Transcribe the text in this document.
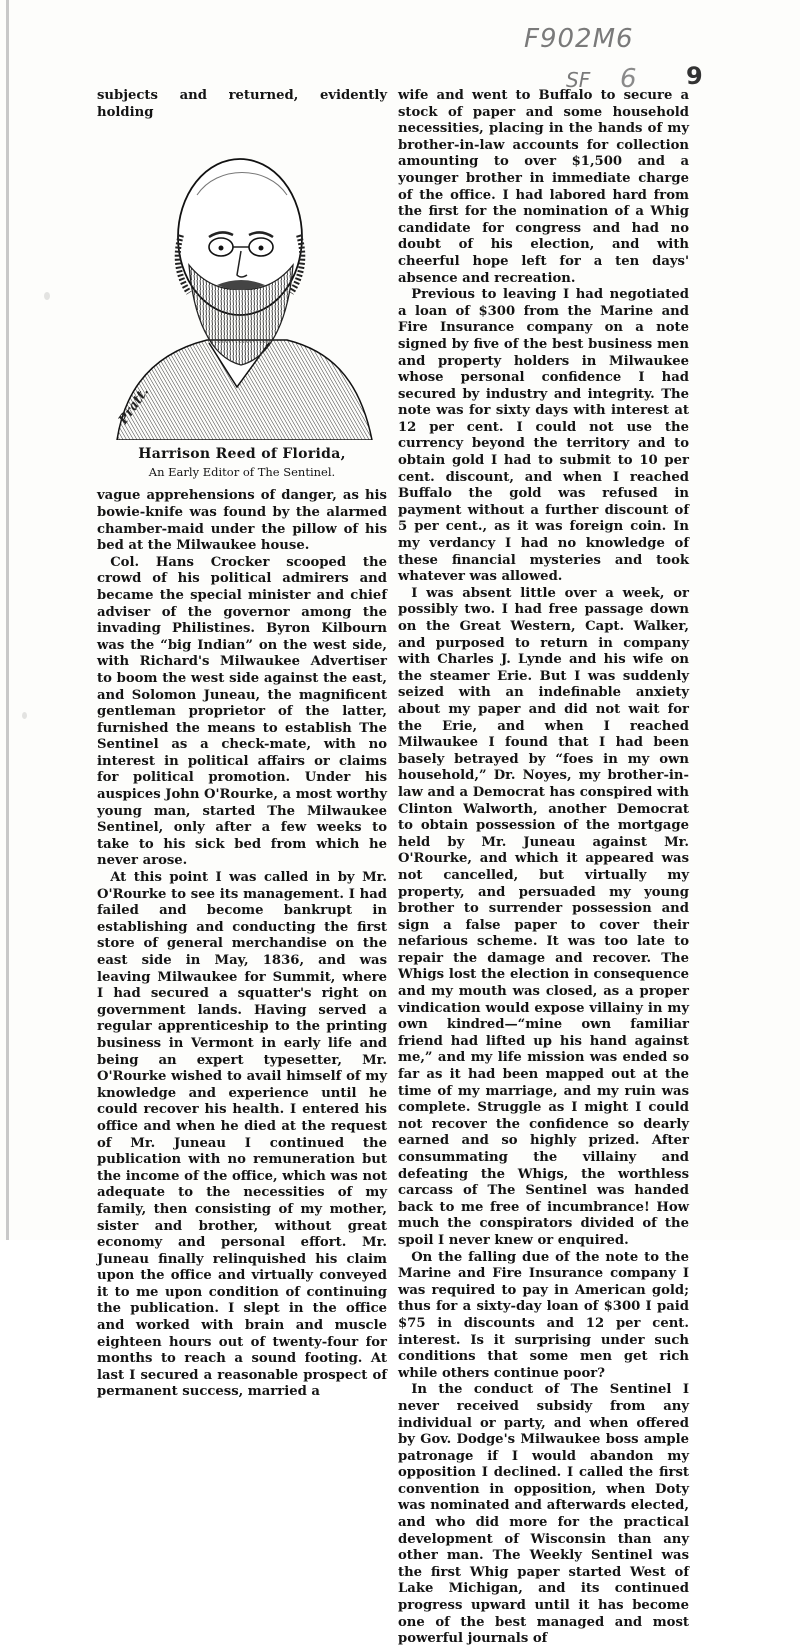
F902M6
SF 6 9

subjects and returned, evidently holding

Pratt.
Harrison Reed of Florida,
An Early Editor of The Sentinel.

vague apprehensions of danger, as his bowie-knife was found by the alarmed chamber-maid under the pillow of his bed at the Milwaukee house.

Col. Hans Crocker scooped the crowd of his political admirers and became the special minister and chief adviser of the governor among the invading Philistines. Byron Kilbourn was the “big Indian” on the west side, with Richard's Milwaukee Advertiser to boom the west side against the east, and Solomon Juneau, the magnificent gentleman proprietor of the latter, furnished the means to establish The Sentinel as a check-mate, with no interest in political affairs or claims for political promotion. Under his auspices John O'Rourke, a most worthy young man, started The Milwaukee Sentinel, only after a few weeks to take to his sick bed from which he never arose.

At this point I was called in by Mr. O'Rourke to see its management. I had failed and become bankrupt in establishing and conducting the first store of general merchandise on the east side in May, 1836, and was leaving Milwaukee for Summit, where I had secured a squatter's right on government lands. Having served a regular apprenticeship to the printing business in Vermont in early life and being an expert typesetter, Mr. O'Rourke wished to avail himself of my knowledge and experience until he could recover his health. I entered his office and when he died at the request of Mr. Juneau I continued the publication with no remuneration but the income of the office, which was not adequate to the necessities of my family, then consisting of my mother, sister and brother, without great economy and personal effort. Mr. Juneau finally relinquished his claim upon the office and virtually conveyed it to me upon condition of continuing the publication. I slept in the office and worked with brain and muscle eighteen hours out of twenty-four for months to reach a sound footing. At last I secured a reasonable prospect of permanent success, married a

wife and went to Buffalo to secure a stock of paper and some household necessities, placing in the hands of my brother-in-law accounts for collection amounting to over $1,500 and a younger brother in immediate charge of the office. I had labored hard from the first for the nomination of a Whig candidate for congress and had no doubt of his election, and with cheerful hope left for a ten days' absence and recreation.

Previous to leaving I had negotiated a loan of $300 from the Marine and Fire Insurance company on a note signed by five of the best business men and property holders in Milwaukee whose personal confidence I had secured by industry and integrity. The note was for sixty days with interest at 12 per cent. I could not use the currency beyond the territory and to obtain gold I had to submit to 10 per cent. discount, and when I reached Buffalo the gold was refused in payment without a further discount of 5 per cent., as it was foreign coin. In my verdancy I had no knowledge of these financial mysteries and took whatever was allowed.

I was absent little over a week, or possibly two. I had free passage down on the Great Western, Capt. Walker, and purposed to return in company with Charles J. Lynde and his wife on the steamer Erie. But I was suddenly seized with an indefinable anxiety about my paper and did not wait for the Erie, and when I reached Milwaukee I found that I had been basely betrayed by “foes in my own household,” Dr. Noyes, my brother-in-law and a Democrat has conspired with Clinton Walworth, another Democrat to obtain possession of the mortgage held by Mr. Juneau against Mr. O'Rourke, and which it appeared was not cancelled, but virtually my property, and persuaded my young brother to surrender possession and sign a false paper to cover their nefarious scheme. It was too late to repair the damage and recover. The Whigs lost the election in consequence and my mouth was closed, as a proper vindication would expose villainy in my own kindred—“mine own familiar friend had lifted up his hand against me,” and my life mission was ended so far as it had been mapped out at the time of my marriage, and my ruin was complete. Struggle as I might I could not recover the confidence so dearly earned and so highly prized. After consummating the villainy and defeating the Whigs, the worthless carcass of The Sentinel was handed back to me free of incumbrance! How much the conspirators divided of the spoil I never knew or enquired.

On the falling due of the note to the Marine and Fire Insurance company I was required to pay in American gold; thus for a sixty-day loan of $300 I paid $75 in discounts and 12 per cent. interest. Is it surprising under such conditions that some men get rich while others continue poor?

In the conduct of The Sentinel I never received subsidy from any individual or party, and when offered by Gov. Dodge's Milwaukee boss ample patronage if I would abandon my opposition I declined. I called the first convention in opposition, when Doty was nominated and afterwards elected, and who did more for the practical development of Wisconsin than any other man. The Weekly Sentinel was the first Whig paper started West of Lake Michigan, and its continued progress upward until it has become one of the best managed and most powerful journals of
